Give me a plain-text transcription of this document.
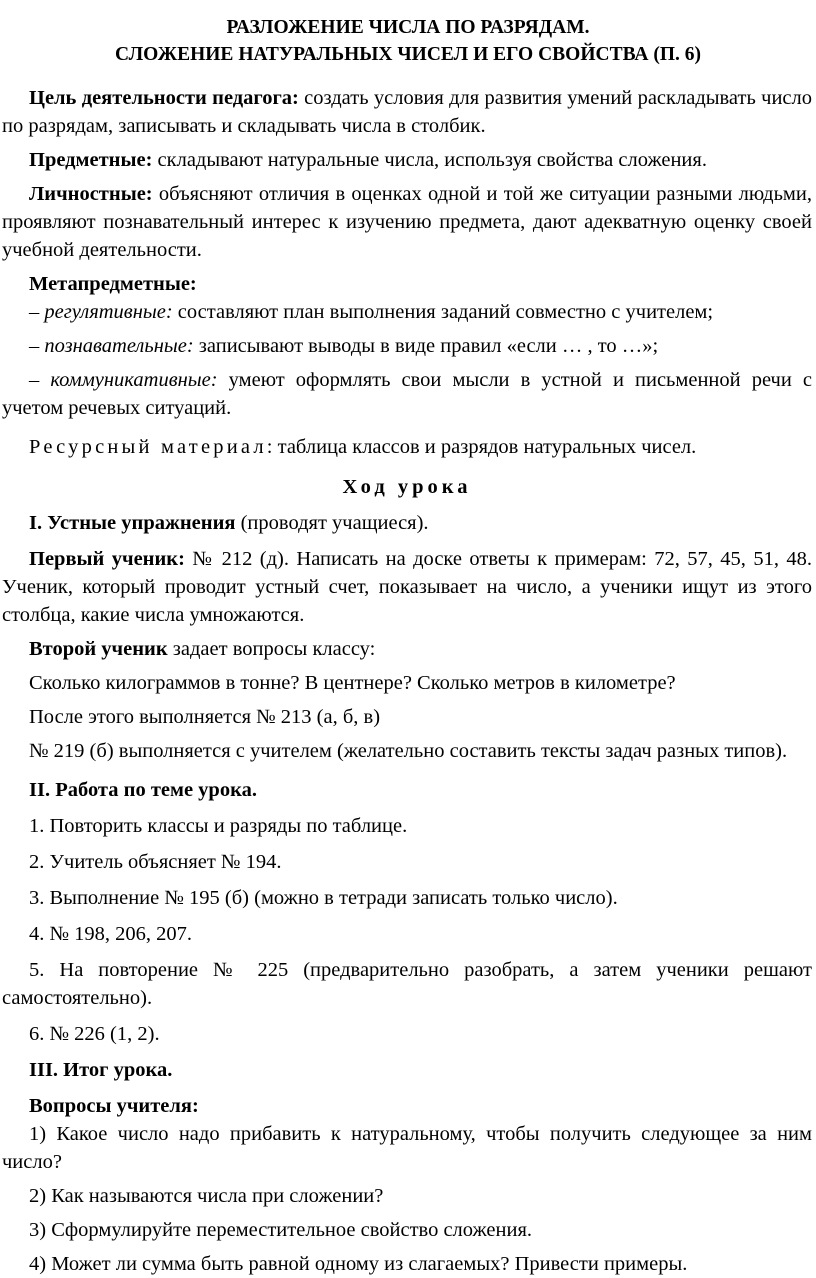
РАЗЛОЖЕНИЕ ЧИСЛА ПО РАЗРЯДАМ.
СЛОЖЕНИЕ НАТУРАЛЬНЫХ ЧИСЕЛ И ЕГО СВОЙСТВА (П. 6)

Цель деятельности педагога: создать условия для развития умений раскладывать число по разрядам, записывать и складывать числа в столбик.

Предметные: складывают натуральные числа, используя свойства сложения.

Личностные: объясняют отличия в оценках одной и той же ситуации разными людьми, проявляют познавательный интерес к изучению предмета, дают адекватную оценку своей учебной деятельности.

Метапредметные:

– регулятивные: составляют план выполнения заданий совместно с учителем;

– познавательные: записывают выводы в виде правил «если … , то …»;

– коммуникативные: умеют оформлять свои мысли в устной и письменной речи с учетом речевых ситуаций.

Ресурсный материал: таблица классов и разрядов натуральных чисел.

Ход урока

I. Устные упражнения (проводят учащиеся).

Первый ученик: № 212 (д). Написать на доске ответы к примерам: 72, 57, 45, 51, 48. Ученик, который проводит устный счет, показывает на число, а ученики ищут из этого столбца, какие числа умножаются.

Второй ученик задает вопросы классу:

Сколько килограммов в тонне? В центнере? Сколько метров в километре?

После этого выполняется № 213 (а, б, в)

№ 219 (б) выполняется с учителем (желательно составить тексты задач разных типов).

II. Работа по теме урока.

1. Повторить классы и разряды по таблице.

2. Учитель объясняет № 194.

3. Выполнение № 195 (б) (можно в тетради записать только число).

4. № 198, 206, 207.

5. На повторение № 225 (предварительно разобрать, а затем ученики решают самостоятельно).

6. № 226 (1, 2).

III. Итог урока.

Вопросы учителя:

1) Какое число надо прибавить к натуральному, чтобы получить следующее за ним число?

2) Как называются числа при сложении?

3) Сформулируйте переместительное свойство сложения.

4) Может ли сумма быть равной одному из слагаемых? Привести примеры.
